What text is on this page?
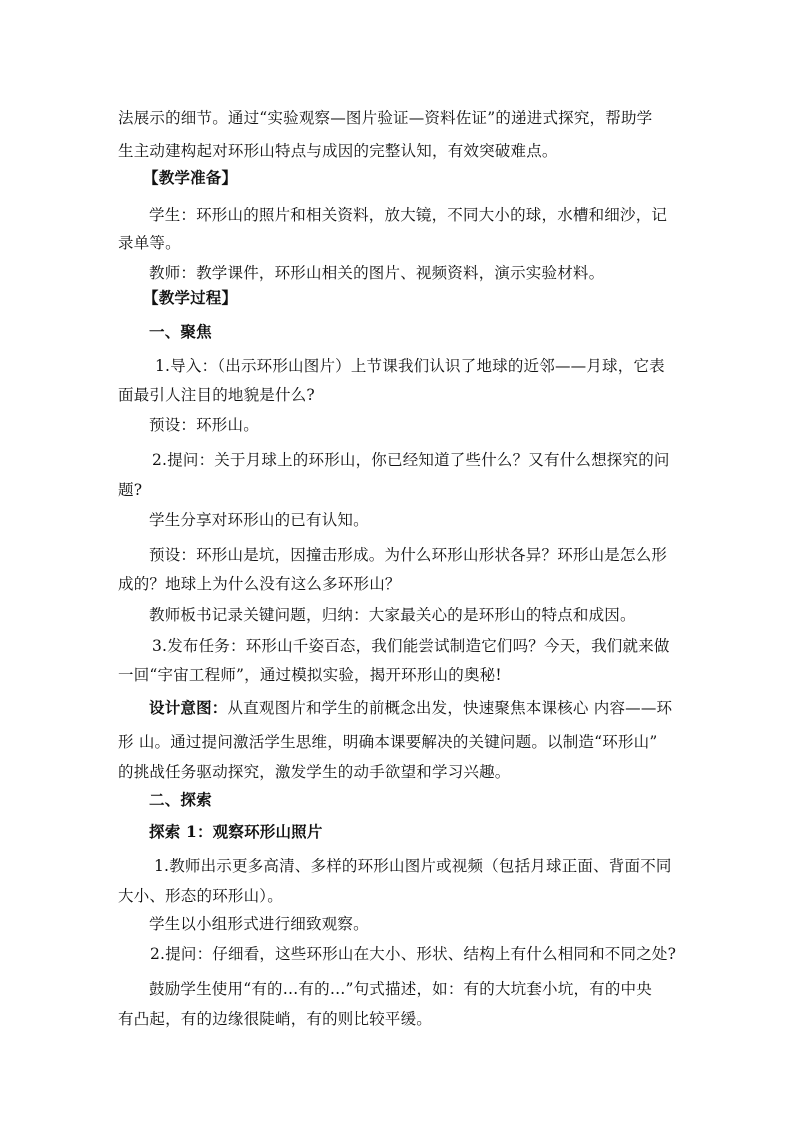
法展示的细节。通过“实验观察—图片验证—资料佐证”的递进式探究，帮助学
生主动建构起对环形山特点与成因的完整认知，有效突破难点。
【教学准备】
学生：环形山的照片和相关资料，放大镜，不同大小的球，水槽和细沙，记
录单等。
教师：教学课件，环形山相关的图片、视频资料，演示实验材料。
【教学过程】
一、聚焦
1.导入：（出示环形山图片）上节课我们认识了地球的近邻——月球，它表
面最引人注目的地貌是什么?
预设：环形山。
2.提问：关于月球上的环形山，你已经知道了些什么？又有什么想探究的问
题?
学生分享对环形山的已有认知。
预设：环形山是坑，因撞击形成。为什么环形山形状各异？环形山是怎么形
成的？地球上为什么没有这么多环形山？
教师板书记录关键问题，归纳：大家最关心的是环形山的特点和成因。
3.发布任务：环形山千姿百态，我们能尝试制造它们吗？今天，我们就来做
一回“宇宙工程师”，通过模拟实验，揭开环形山的奥秘!
设计意图：从直观图片和学生的前概念出发，快速聚焦本课核心 内容——环
形 山。通过提问激活学生思维，明确本课要解决的关键问题。以制造“环形山”
的挑战任务驱动探究，激发学生的动手欲望和学习兴趣。
二、探索
探索 1：观察环形山照片
1.教师出示更多高清、多样的环形山图片或视频（包括月球正面、背面不同
大小、形态的环形山）。
学生以小组形式进行细致观察。
2.提问：仔细看，这些环形山在大小、形状、结构上有什么相同和不同之处?
鼓励学生使用“有的…有的…”句式描述，如：有的大坑套小坑，有的中央
有凸起，有的边缘很陡峭，有的则比较平缓。
